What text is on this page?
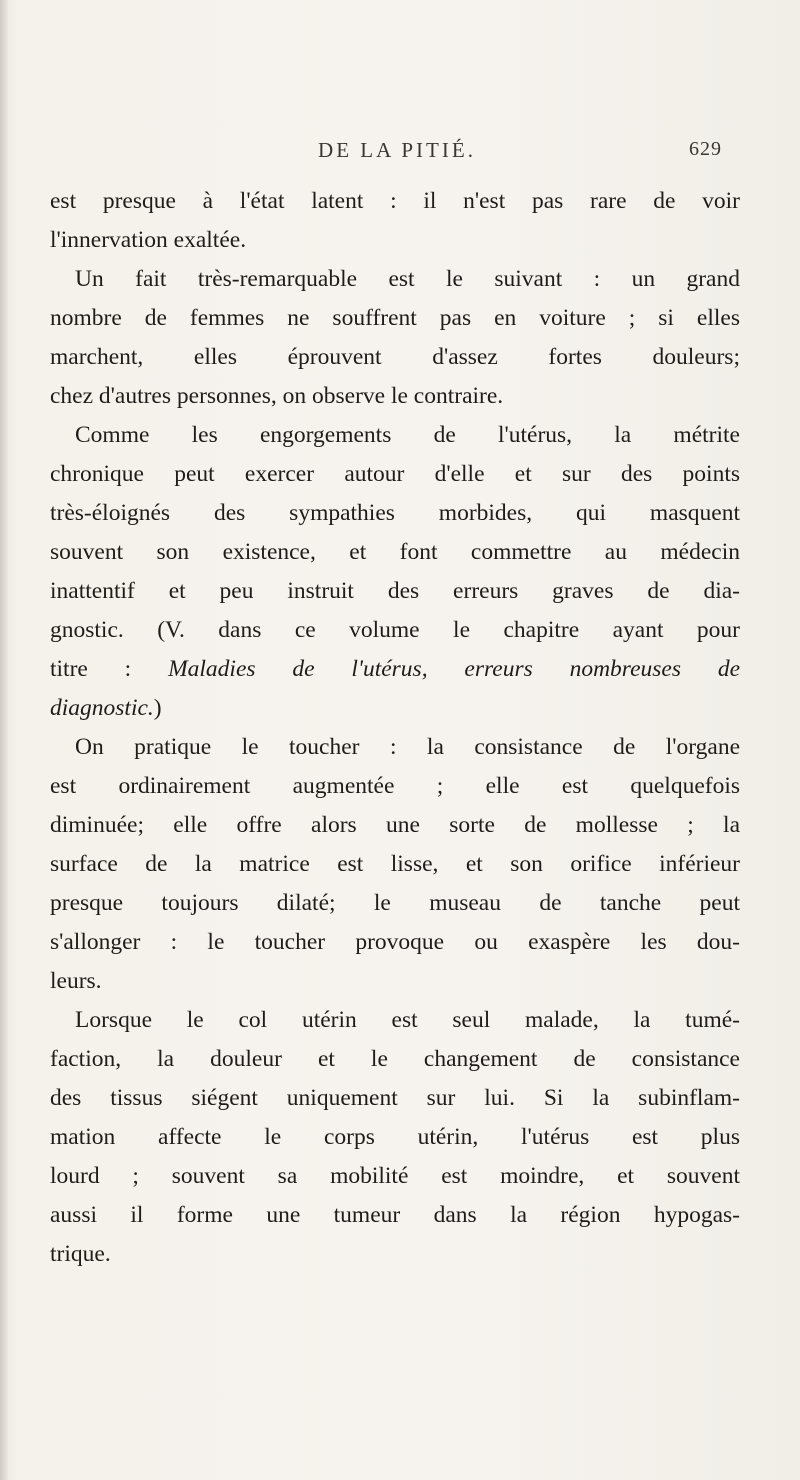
DE LA PITIÉ.	629
est presque à l'état latent : il n'est pas rare de voir
l'innervation exaltée.
Un fait très-remarquable est le suivant : un grand
nombre de femmes ne souffrent pas en voiture ; si elles
marchent, elles éprouvent d'assez fortes douleurs;
chez d'autres personnes, on observe le contraire.
Comme les engorgements de l'utérus, la métrite
chronique peut exercer autour d'elle et sur des points
très-éloignés des sympathies morbides, qui masquent
souvent son existence, et font commettre au médecin
inattentif et peu instruit des erreurs graves de dia-
gnostic. (V. dans ce volume le chapitre ayant pour
titre : Maladies de l'utérus, erreurs nombreuses de
diagnostic.)
On pratique le toucher : la consistance de l'organe
est ordinairement augmentée ; elle est quelquefois
diminuée; elle offre alors une sorte de mollesse ; la
surface de la matrice est lisse, et son orifice inférieur
presque toujours dilaté; le museau de tanche peut
s'allonger : le toucher provoque ou exaspère les dou-
leurs.
Lorsque le col utérin est seul malade, la tumé-
faction, la douleur et le changement de consistance
des tissus siégent uniquement sur lui. Si la subinflam-
mation affecte le corps utérin, l'utérus est plus
lourd ; souvent sa mobilité est moindre, et souvent
aussi il forme une tumeur dans la région hypogas-
trique.
